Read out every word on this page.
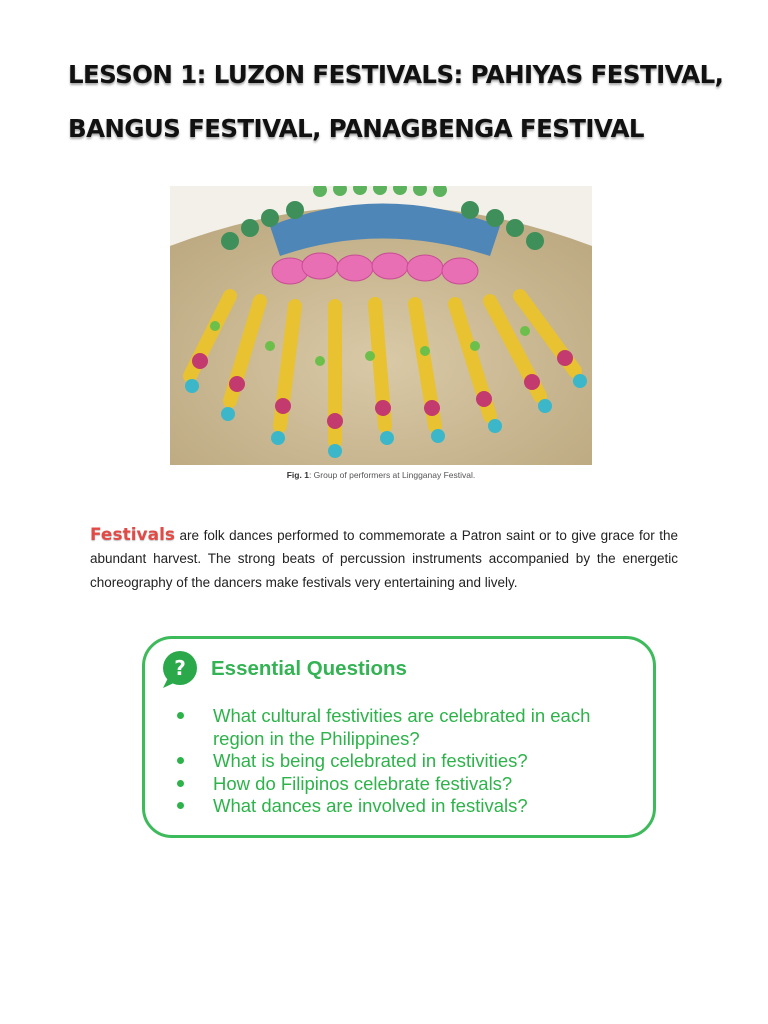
LESSON 1: LUZON FESTIVALS: PAHIYAS FESTIVAL,
BANGUS FESTIVAL, PANAGBENGA FESTIVAL
Fig. 1: Group of performers at Lingganay Festival.

Festivals are folk dances performed to commemorate a Patron saint or to give grace for the abundant harvest. The strong beats of percussion instruments accompanied by the energetic choreography of the dancers make festivals very entertaining and lively.

? Essential Questions
What cultural festivities are celebrated in each region in the Philippines?
What is being celebrated in festivities?
How do Filipinos celebrate festivals?
What dances are involved in festivals?
